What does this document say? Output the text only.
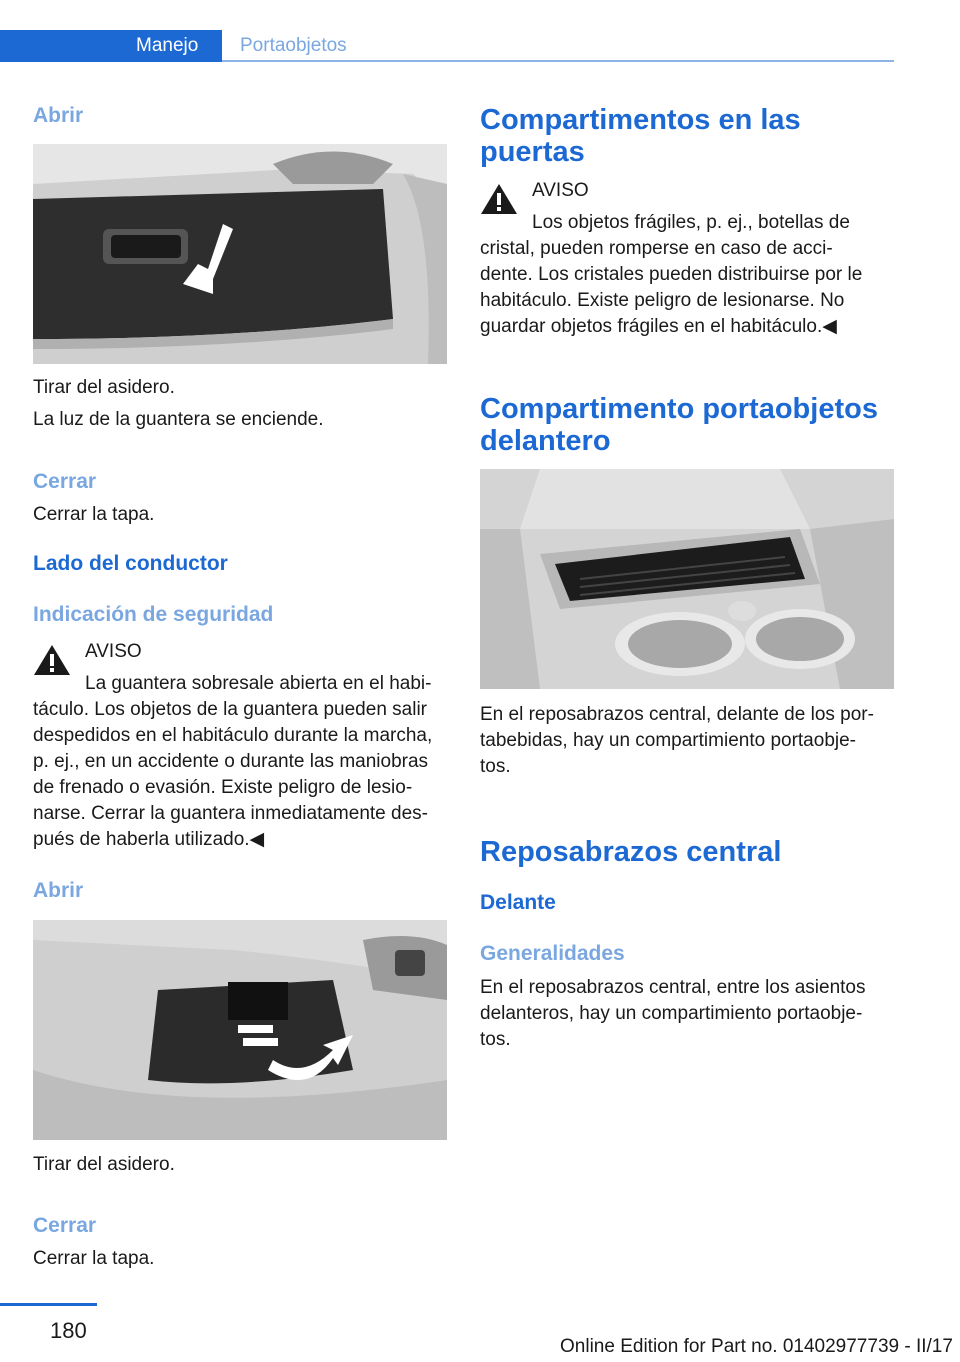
Manejo	Portaobjetos
Abrir
Tirar del asidero.
La luz de la guantera se enciende.
Cerrar
Cerrar la tapa.
Lado del conductor
Indicación de seguridad
AVISO
La guantera sobresale abierta en el habi-
táculo. Los objetos de la guantera pueden salir
despedidos en el habitáculo durante la marcha,
p. ej., en un accidente o durante las maniobras
de frenado o evasión. Existe peligro de lesio-
narse. Cerrar la guantera inmediatamente des-
pués de haberla utilizado.◀
Abrir
Tirar del asidero.
Cerrar
Cerrar la tapa.
Compartimentos en las
puertas
AVISO
Los objetos frágiles, p. ej., botellas de
cristal, pueden romperse en caso de acci-
dente. Los cristales pueden distribuirse por le
habitáculo. Existe peligro de lesionarse. No
guardar objetos frágiles en el habitáculo.◀
Compartimento portaobjetos
delantero
En el reposabrazos central, delante de los por-
tabebidas, hay un compartimiento portaobje-
tos.
Reposabrazos central
Delante
Generalidades
En el reposabrazos central, entre los asientos
delanteros, hay un compartimiento portaobje-
tos.
180
Online Edition for Part no. 01402977739 - II/17
